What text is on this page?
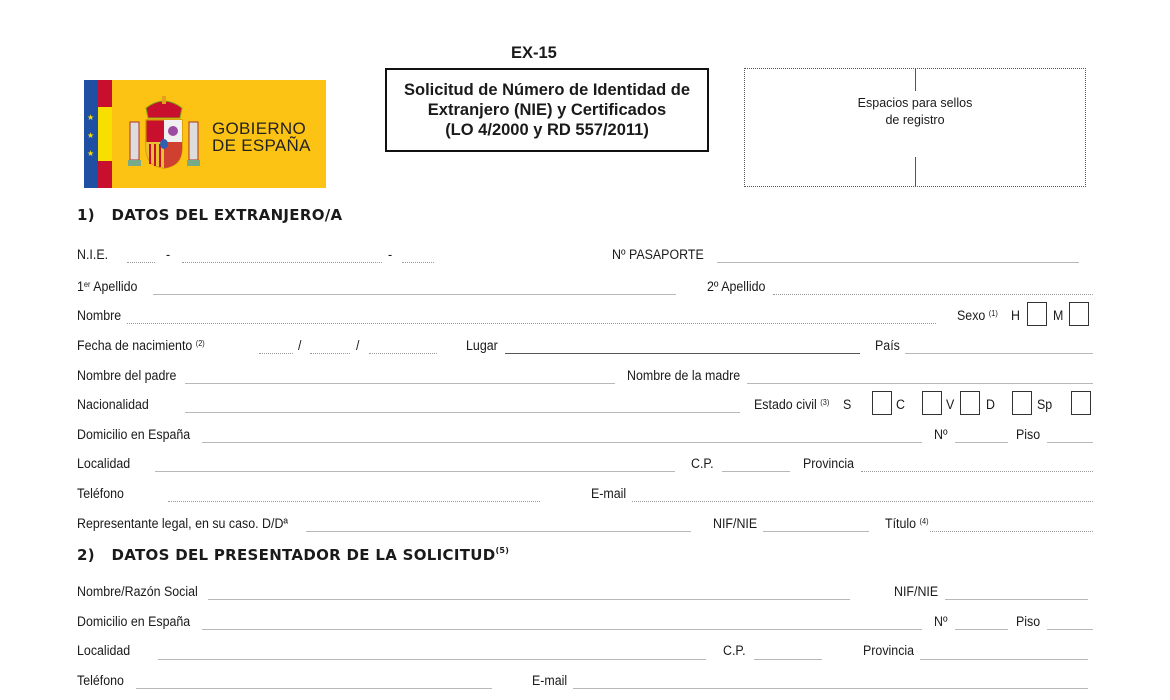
EX-15
★
★
★
GOBIERNO
DE ESPAÑA
Solicitud de Número de Identidad de
Extranjero (NIE) y Certificados
(LO 4/2000 y RD 557/2011)
Espacios para sellos
de registro
1) DATOS DEL EXTRANJERO/A
N.I.E.	-	-	Nº PASAPORTE
1er Apellido	2º Apellido
Nombre	Sexo $^{(1)}$ H M
Fecha de nacimiento $^{(2)}$	/	/	Lugar	País
Nombre del padre	Nombre de la madre
Nacionalidad	Estado civil $^{(3)}$ S	C	V D	Sp
Domicilio en España	Nº	Piso
Localidad	C.P.	Provincia
Teléfono	E-mail
Representante legal, en su caso. D/Dª	NIF/NIE	Título $^{(4)}$
2) DATOS DEL PRESENTADOR DE LA SOLICITUD$^{(5)}$
Nombre/Razón Social	NIF/NIE
Domicilio en España	Nº	Piso
Localidad	C.P.	Provincia
Teléfono	E-mail
